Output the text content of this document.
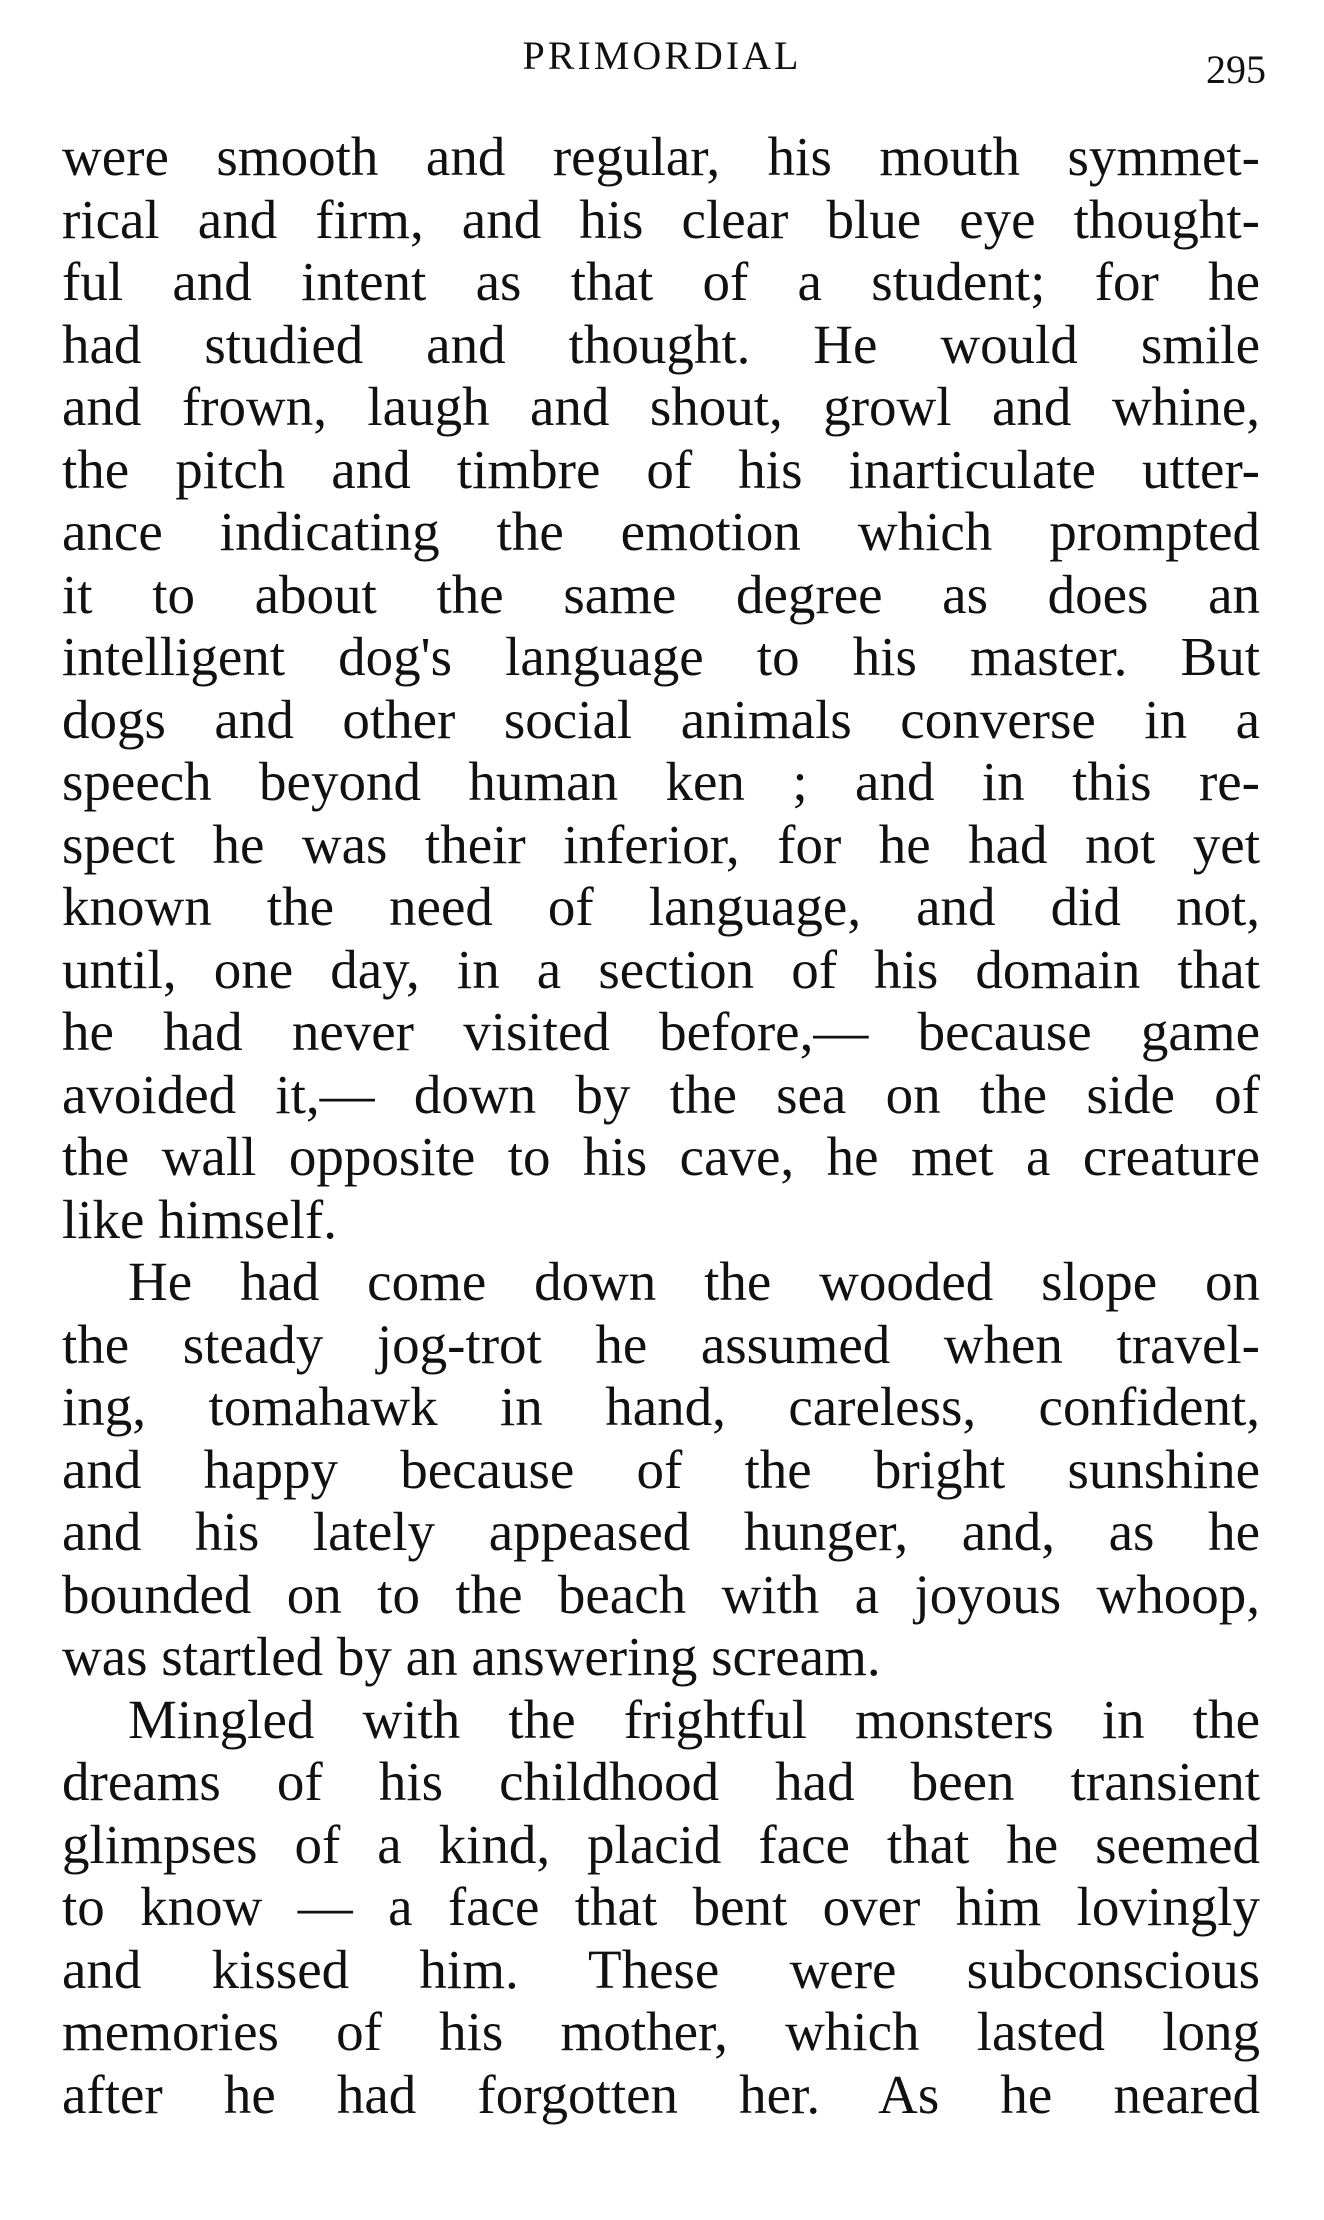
PRIMORDIAL	295
were smooth and regular, his mouth symmet-
rical and firm, and his clear blue eye thought-
ful and intent as that of a student; for he
had studied and thought. He would smile
and frown, laugh and shout, growl and whine,
the pitch and timbre of his inarticulate utter-
ance indicating the emotion which prompted
it to about the same degree as does an
intelligent dog's language to his master. But
dogs and other social animals converse in a
speech beyond human ken ; and in this re-
spect he was their inferior, for he had not yet
known the need of language, and did not,
until, one day, in a section of his domain that
he had never visited before,— because game
avoided it,— down by the sea on the side of
the wall opposite to his cave, he met a creature
like himself.
He had come down the wooded slope on
the steady jog-trot he assumed when travel-
ing, tomahawk in hand, careless, confident,
and happy because of the bright sunshine
and his lately appeased hunger, and, as he
bounded on to the beach with a joyous whoop,
was startled by an answering scream.
Mingled with the frightful monsters in the
dreams of his childhood had been transient
glimpses of a kind, placid face that he seemed
to know — a face that bent over him lovingly
and kissed him. These were subconscious
memories of his mother, which lasted long
after he had forgotten her. As he neared
